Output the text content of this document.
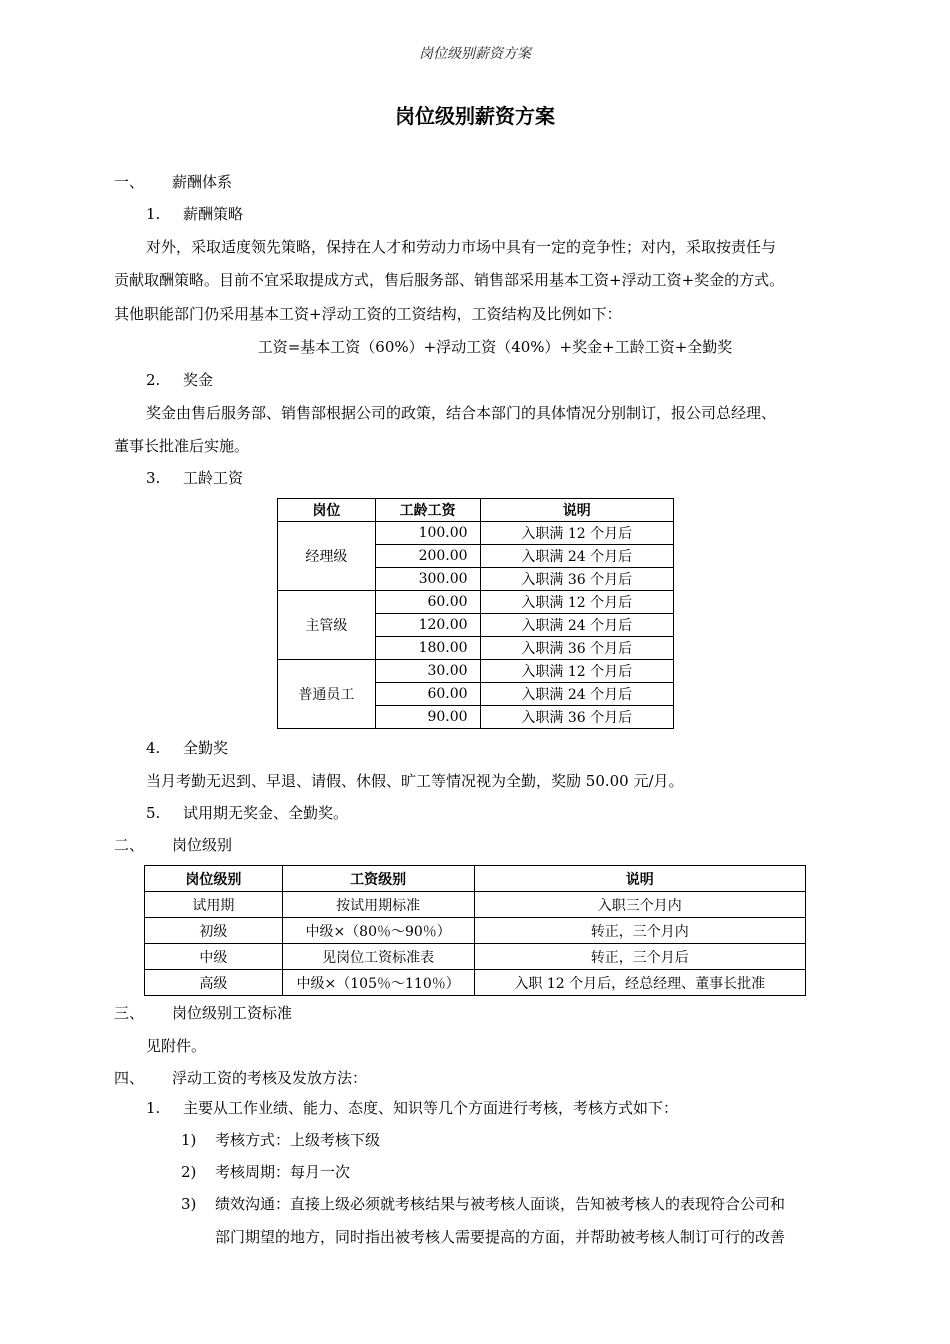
岗位级别薪资方案
岗位级别薪资方案
一、 薪酬体系
1. 薪酬策略
对外，采取适度领先策略，保持在人才和劳动力市场中具有一定的竞争性；对内，采取按责任与
贡献取酬策略。目前不宜采取提成方式，售后服务部、销售部采用基本工资+浮动工资+奖金的方式。
其他职能部门仍采用基本工资+浮动工资的工资结构，工资结构及比例如下：
工资=基本工资（60%）+浮动工资（40%）+奖金+工龄工资+全勤奖
2. 奖金
奖金由售后服务部、销售部根据公司的政策，结合本部门的具体情况分别制订，报公司总经理、
董事长批准后实施。
3. 工龄工资
岗位	工龄工资	说明
经理级	100.00	入职满 12 个月后
	200.00	入职满 24 个月后
	300.00	入职满 36 个月后
主管级	60.00	入职满 12 个月后
	120.00	入职满 24 个月后
	180.00	入职满 36 个月后
普通员工	30.00	入职满 12 个月后
	60.00	入职满 24 个月后
	90.00	入职满 36 个月后
4. 全勤奖
当月考勤无迟到、早退、请假、休假、旷工等情况视为全勤，奖励 50.00 元/月。
5. 试用期无奖金、全勤奖。
二、 岗位级别
岗位级别	工资级别	说明
试用期	按试用期标准	入职三个月内
初级	中级×（80％～90％）	转正，三个月内
中级	见岗位工资标准表	转正，三个月后
高级	中级×（105％～110％）	入职 12 个月后，经总经理、董事长批准
三、 岗位级别工资标准
见附件。
四、 浮动工资的考核及发放方法：
1. 主要从工作业绩、能力、态度、知识等几个方面进行考核，考核方式如下：
1) 考核方式：上级考核下级
2) 考核周期：每月一次
3) 绩效沟通：直接上级必须就考核结果与被考核人面谈，告知被考核人的表现符合公司和
部门期望的地方，同时指出被考核人需要提高的方面，并帮助被考核人制订可行的改善
